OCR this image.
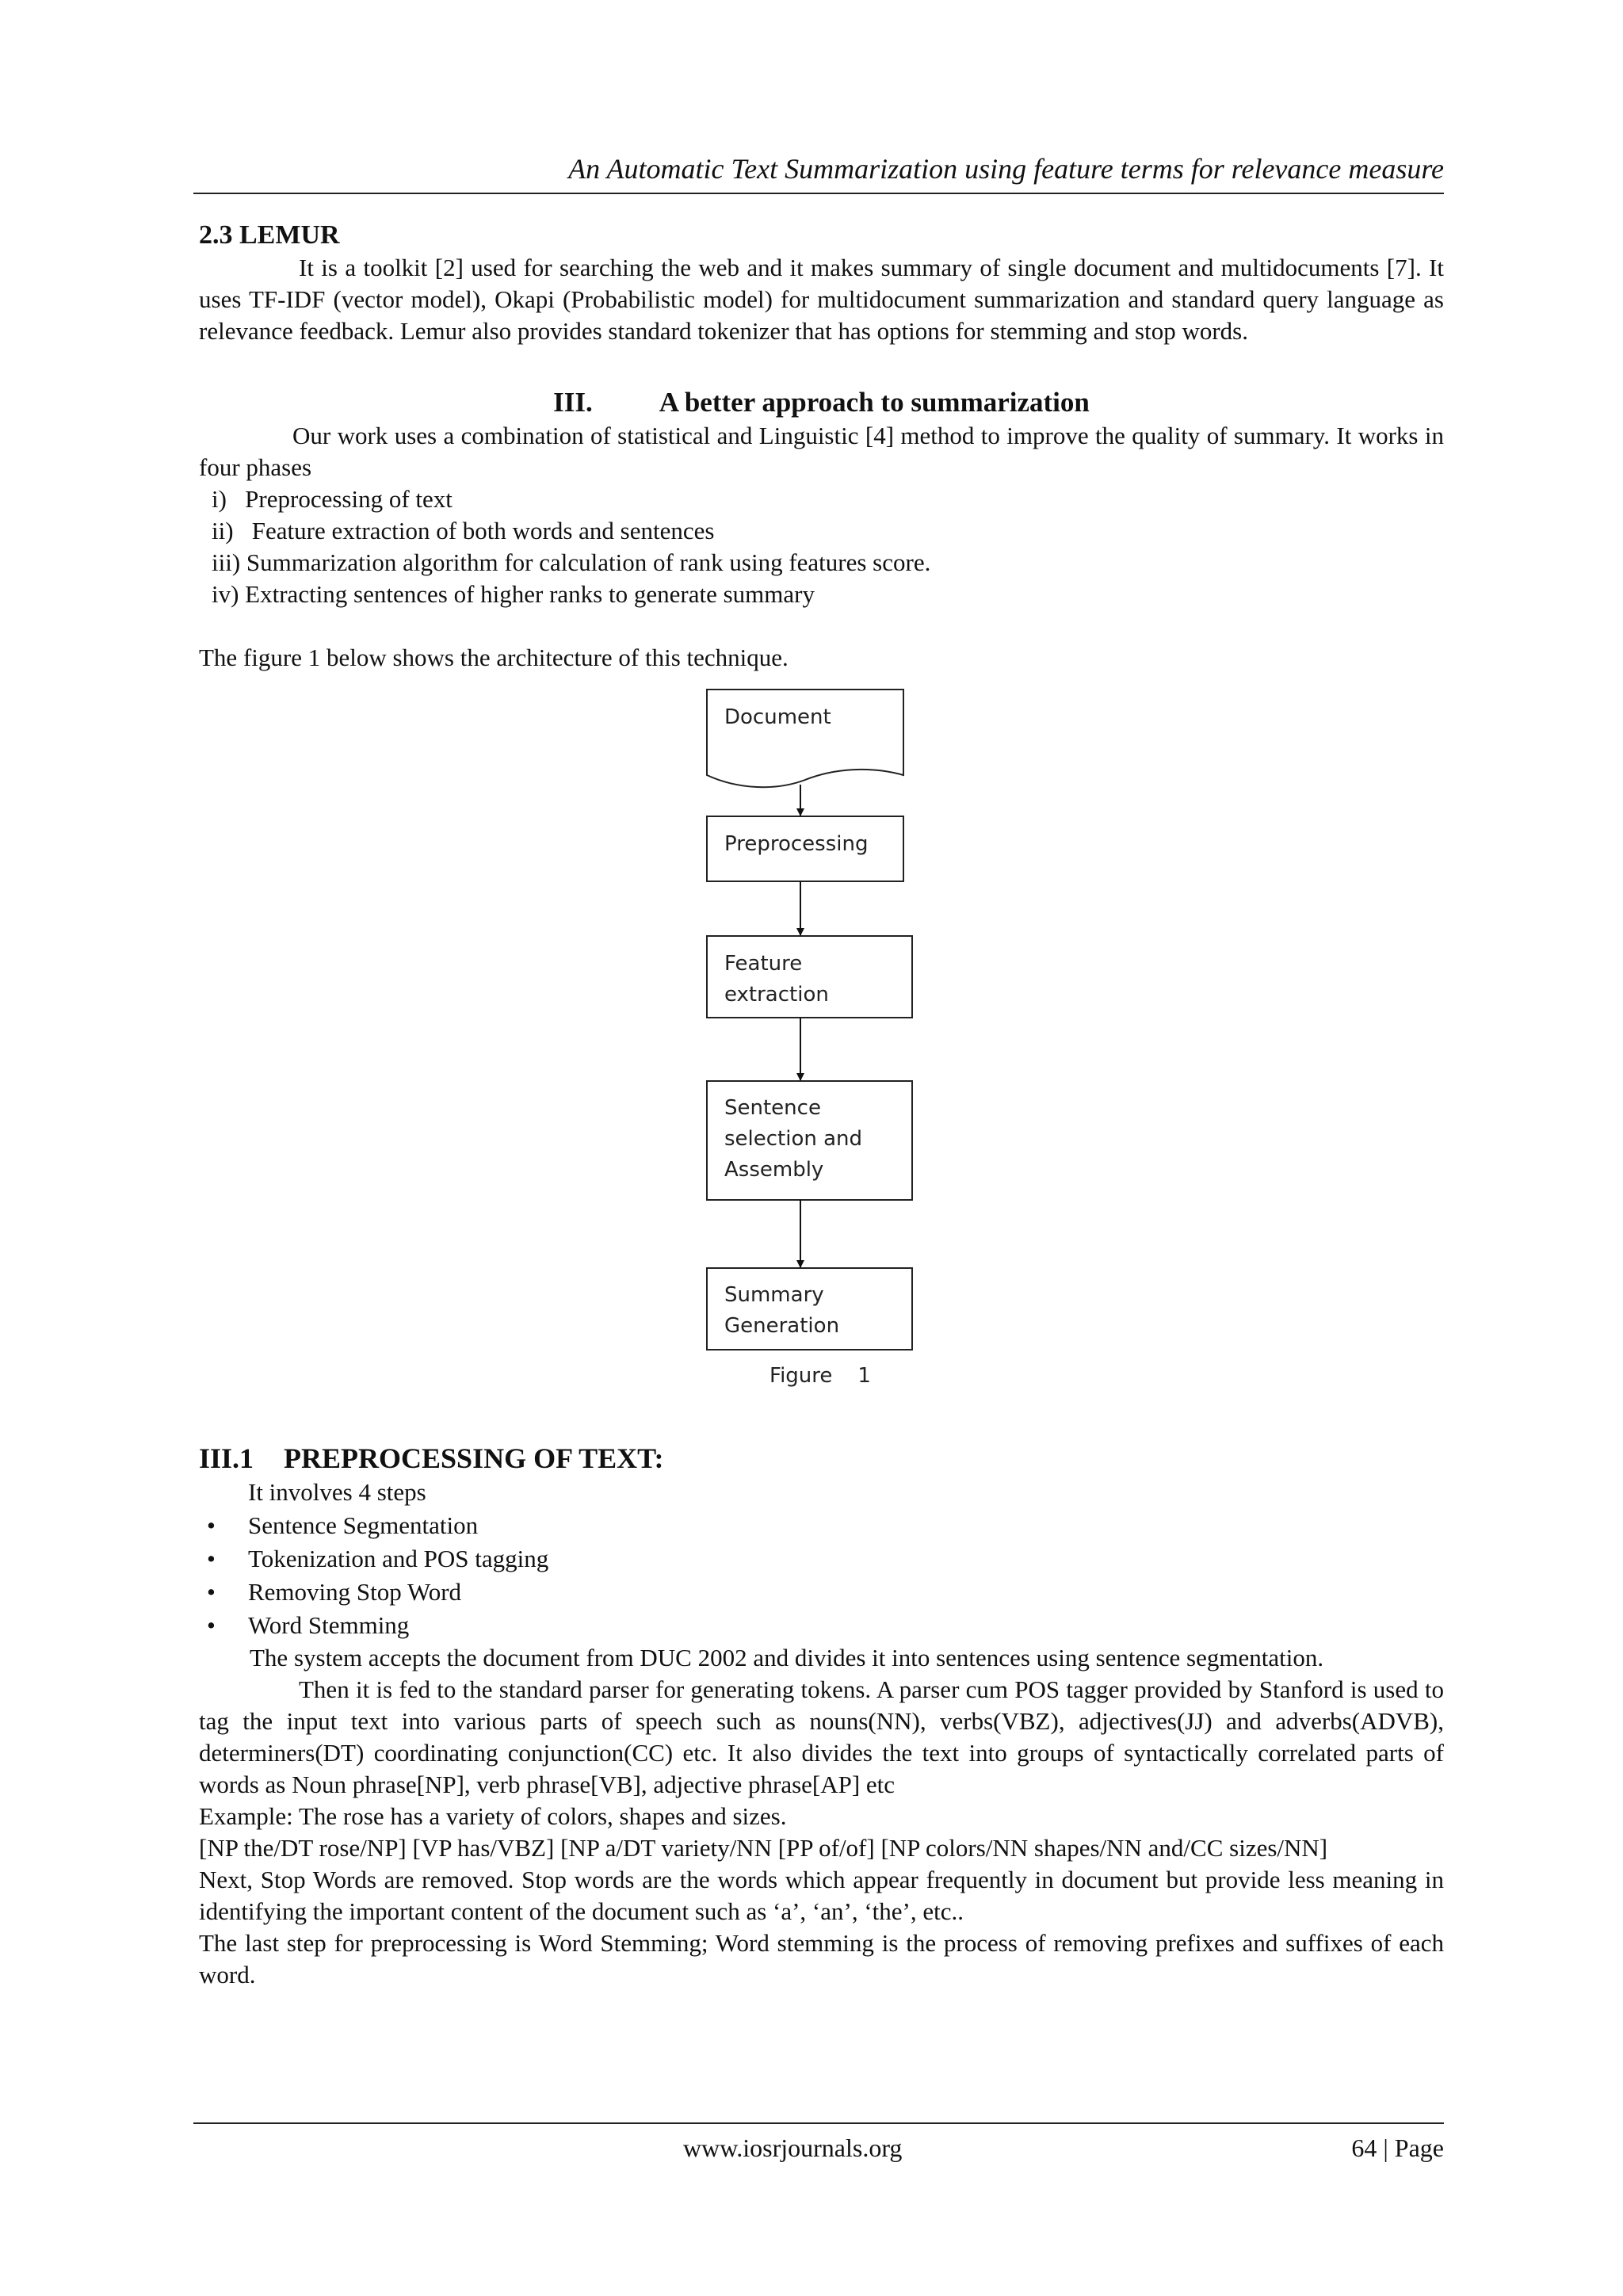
An Automatic Text Summarization using feature terms for relevance measure

2.3 LEMUR

It is a toolkit [2] used for searching the web and it makes summary of single document and multidocuments [7]. It uses TF-IDF (vector model), Okapi (Probabilistic model) for multidocument summarization and standard query language as relevance feedback. Lemur also provides standard tokenizer that has options for stemming and stop words.

III. A better approach to summarization

Our work uses a combination of statistical and Linguistic [4] method to improve the quality of summary. It works in four phases

i)   Preprocessing of text
ii)   Feature extraction of both words and sentences
iii) Summarization algorithm for calculation of rank using features score.
iv) Extracting sentences of higher ranks to generate summary

The figure 1 below shows the architecture of this technique.

Document
Preprocessing
Feature
extraction
Sentence
selection and
Assembly
Summary
Generation
Figure 1

III.1 PREPROCESSING OF TEXT:

It involves 4 steps

• Sentence Segmentation
• Tokenization and POS tagging
• Removing Stop Word
• Word Stemming

The system accepts the document from DUC 2002 and divides it into sentences using sentence segmentation.

Then it is fed to the standard parser for generating tokens. A parser cum POS tagger provided by Stanford is used to tag the input text into various parts of speech such as nouns(NN), verbs(VBZ), adjectives(JJ) and adverbs(ADVB), determiners(DT) coordinating conjunction(CC) etc. It also divides the text into groups of syntactically correlated parts of words as Noun phrase[NP], verb phrase[VB], adjective phrase[AP] etc

Example: The rose has a variety of colors, shapes and sizes.

[NP the/DT rose/NP] [VP has/VBZ] [NP a/DT variety/NN [PP of/of] [NP colors/NN shapes/NN and/CC sizes/NN]

Next, Stop Words are removed. Stop words are the words which appear frequently in document but provide less meaning in identifying the important content of the document such as ‘a’, ‘an’, ‘the’, etc..

The last step for preprocessing is Word Stemming; Word stemming is the process of removing prefixes and suffixes of each word.

www.iosrjournals.org	64 | Page
